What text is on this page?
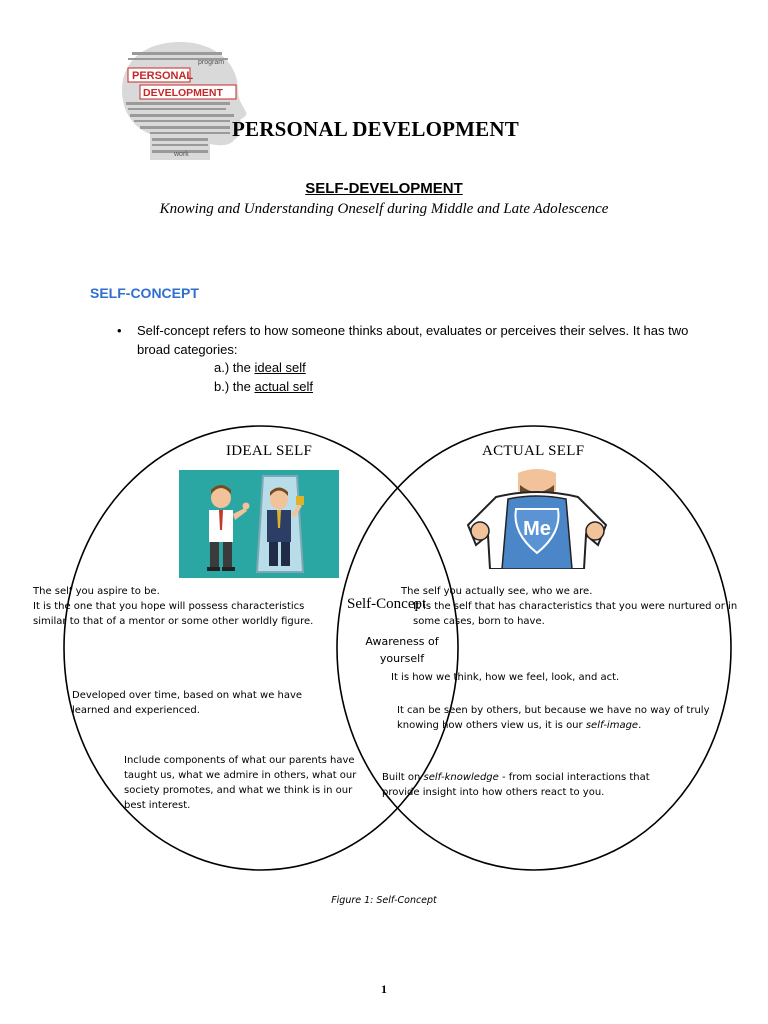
PERSONAL
DEVELOPMENT
program
work
PERSONAL DEVELOPMENT
SELF-DEVELOPMENT
Knowing and Understanding Oneself during Middle and Late Adolescence
SELF-CONCEPT
• Self-concept refers to how someone thinks about, evaluates or perceives their selves. It has two broad categories:
a.) the ideal self
b.) the actual self
IDEAL SELF	ACTUAL SELF
Me
The self you aspire to be.
It is the one that you hope will possess characteristics similar to that of a mentor or some other worldly figure.
Developed over time, based on what we have learned and experienced.
Include components of what our parents have taught us, what we admire in others, what our society promotes, and what we think is in our best interest.
Self-Concept
Awareness of yourself
The self you actually see, who we are.
It is the self that has characteristics that you were nurtured or in some cases, born to have.
It is how we think, how we feel, look, and act.
It can be seen by others, but because we have no way of truly knowing how others view us, it is our self-image.
Built on self-knowledge - from social interactions that provide insight into how others react to you.
Figure 1: Self-Concept
1
